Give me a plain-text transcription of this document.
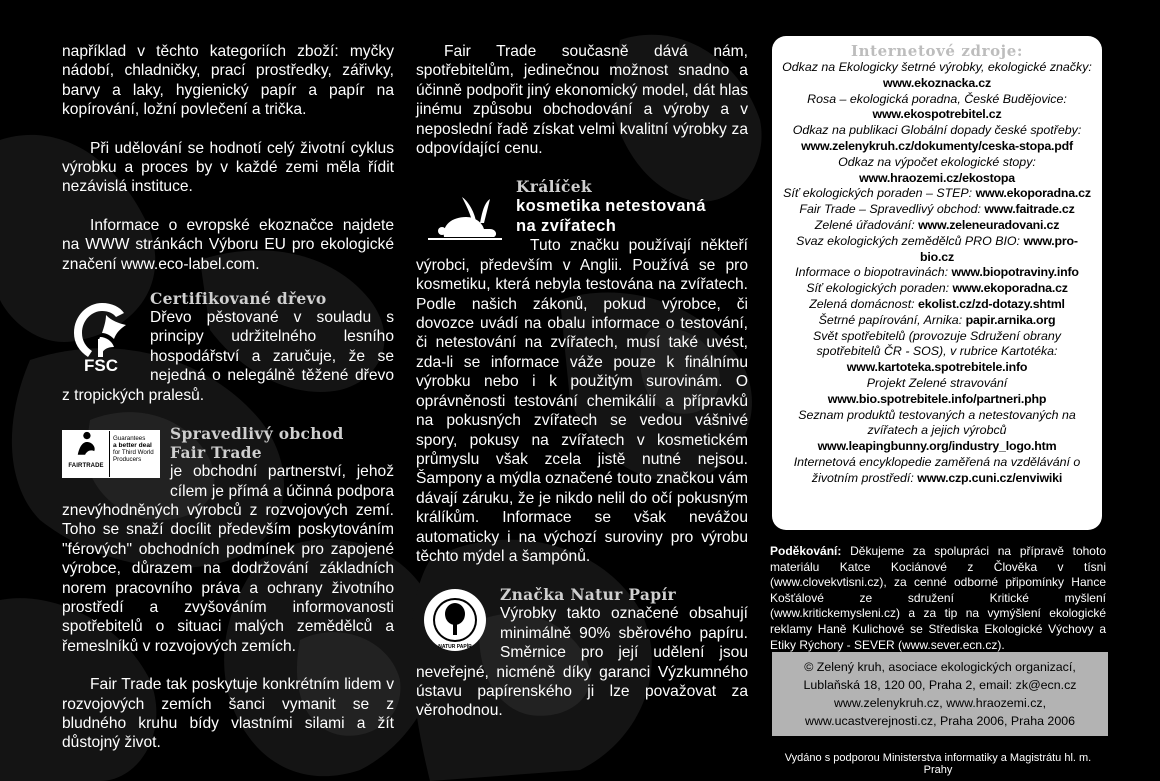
například v těchto kategoriích zboží: myčky nádobí, chladničky, prací prostředky, zářivky, barvy a laky, hygienický papír a papír na kopírování, ložní povlečení a trička.

Při udělování se hodnotí celý životní cyklus výrobku a proces by v každé zemi měla řídit nezávislá instituce.

Informace o evropské ekoznačce najdete na WWW stránkách Výboru EU pro ekologické značení www.eco-label.com.

FSC
Certifikované dřevo
Dřevo pěstované v souladu s principy udržitelného lesního hospodářství a zaručuje, že se nejedná o nelegálně těžené dřevo z tropických pralesů.
FAIRTRADE
Guarantees
a better deal
for Third World
Producers
Spravedlivý obchod
Fair Trade
je obchodní partnerství, jehož cílem je přímá a účinná podpora znevýhodněných výrobců z rozvojových zemí. Toho se snaží docílit především poskytováním "férových" obchodních podmínek pro zapojené výrobce, důrazem na dodržování základních norem pracovního práva a ochrany životního prostředí a zvyšováním informovanosti spotřebitelů o situaci malých zemědělců a řemeslníků v rozvojových zemích.

Fair Trade tak poskytuje konkrétním lidem v rozvojových zemích šanci vymanit se z bludného kruhu bídy vlastními silami a žít důstojný život.

Fair Trade současně dává nám, spotřebitelům, jedinečnou možnost snadno a účinně podpořit jiný ekonomický model, dát hlas jinému způsobu obchodování a výroby a v neposlední řadě získat velmi kvalitní výrobky za odpovídající cenu.

Králíček
kosmetika netestovaná
na zvířatech
Tuto značku používají někteří výrobci, především v Anglii. Používá se pro kosmetiku, která nebyla testována na zvířatech. Podle našich zákonů, pokud výrobce, či dovozce uvádí na obalu informace o testování, či netestování na zvířatech, musí také uvést, zda-li se informace váže pouze k finálnímu výrobku nebo i k použitým surovinám. O oprávněnosti testování chemikálií a přípravků na pokusných zvířatech se vedou vášnivé spory, pokusy na zvířatech v kosmetickém průmyslu však zcela jistě nutné nejsou. Šampony a mýdla označené touto značkou vám dávají záruku, že je nikdo nelil do očí pokusným králíkům. Informace se však nevážou automaticky i na výchozí suroviny pro výrobu těchto mýdel a šampónů.
NATUR PAPÍR
Značka Natur Papír
Výrobky takto označené obsahují minimálně 90% sběrového papíru. Směrnice pro její udělení jsou neveřejné, nicméně díky garanci Výzkumného ústavu papírenského ji lze považovat za věrohodnou.
Internetové zdroje:
Odkaz na Ekologicky šetrné výrobky, ekologické značky: www.ekoznacka.cz
Rosa – ekologická poradna, České Budějovice: www.ekospotrebitel.cz
Odkaz na publikaci Globální dopady české spotřeby: www.zelenykruh.cz/dokumenty/ceska-stopa.pdf
Odkaz na výpočet ekologické stopy: www.hraozemi.cz/ekostopa
Síť ekologických poraden – STEP: www.ekoporadna.cz
Fair Trade – Spravedlivý obchod: www.faitrade.cz
Zelené úřadování: www.zeleneuradovani.cz
Svaz ekologických zemědělců PRO BIO: www.pro-bio.cz
Informace o biopotravinách: www.biopotraviny.info
Síť ekologických poraden: www.ekoporadna.cz
Zelená domácnost: ekolist.cz/zd-dotazy.shtml
Šetrné papírování, Arnika: papir.arnika.org
Svět spotřebitelů (provozuje Sdružení obrany spotřebitelů ČR - SOS), v rubrice Kartotéka: www.kartoteka.spotrebitele.info
Projekt Zelené stravování www.bio.spotrebitele.info/partneri.php
Seznam produktů testovaných a netestovaných na zvířatech a jejich výrobců www.leapingbunny.org/industry_logo.htm
Internetová encyklopedie zaměřená na vzdělávání o životním prostředí: www.czp.cuni.cz/enviwiki
Poděkování: Děkujeme za spolupráci na přípravě tohoto materiálu Katce Kociánové z Člověka v tísni (www.clovekvtisni.cz), za cenné odborné připomínky Hance Košťálové ze sdružení Kritické myšlení (www.kritickemysleni.cz) a za tip na vymýšlení ekologické reklamy Haně Kulichové se Střediska Ekologické Výchovy a Etiky Rýchory - SEVER (www.sever.ecn.cz).
© Zelený kruh, asociace ekologických organizací,
Lublaňská 18, 120 00, Praha 2, email: zk@ecn.cz
www.zelenykruh.cz, www.hraozemi.cz,
www.ucastverejnosti.cz, Praha 2006, Praha 2006
Vydáno s podporou Ministerstva informatiky a Magistrátu hl. m. Prahy
